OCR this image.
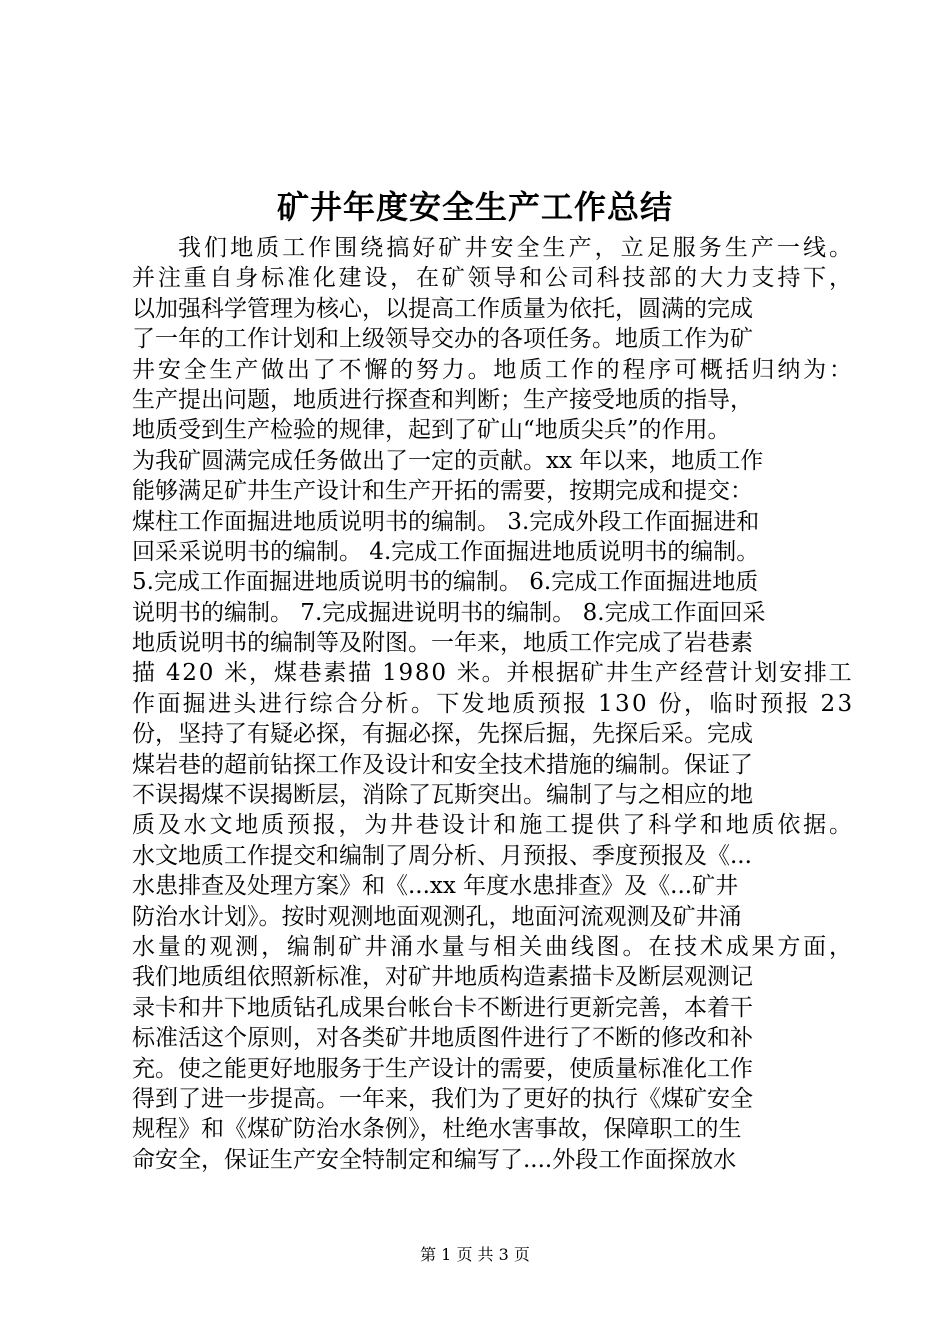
矿井年度安全生产工作总结
我们地质工作围绕搞好矿井安全生产，立足服务生产一线。
并注重自身标准化建设，在矿领导和公司科技部的大力支持下，
以加强科学管理为核心，以提高工作质量为依托，圆满的完成
了一年的工作计划和上级领导交办的各项任务。地质工作为矿
井安全生产做出了不懈的努力。地质工作的程序可概括归纳为：
生产提出问题，地质进行探查和判断；生产接受地质的指导，
地质受到生产检验的规律，起到了矿山“地质尖兵”的作用。
为我矿圆满完成任务做出了一定的贡献。xx 年以来，地质工作
能够满足矿井生产设计和生产开拓的需要，按期完成和提交：
煤柱工作面掘进地质说明书的编制。 3.完成外段工作面掘进和
回采采说明书的编制。 4.完成工作面掘进地质说明书的编制。
5.完成工作面掘进地质说明书的编制。 6.完成工作面掘进地质
说明书的编制。 7.完成掘进说明书的编制。 8.完成工作面回采
地质说明书的编制等及附图。一年来，地质工作完成了岩巷素
描 420 米，煤巷素描 1980 米。并根据矿井生产经营计划安排工
作面掘进头进行综合分析。下发地质预报 130 份，临时预报 23
份，坚持了有疑必探，有掘必探，先探后掘，先探后采。完成
煤岩巷的超前钻探工作及设计和安全技术措施的编制。保证了
不误揭煤不误揭断层，消除了瓦斯突出。编制了与之相应的地
质及水文地质预报，为井巷设计和施工提供了科学和地质依据。
水文地质工作提交和编制了周分析、月预报、季度预报及《...
水患排查及处理方案》和《...xx 年度水患排查》及《...矿井
防治水计划》。按时观测地面观测孔，地面河流观测及矿井涌
水量的观测，编制矿井涌水量与相关曲线图。在技术成果方面，
我们地质组依照新标准，对矿井地质构造素描卡及断层观测记
录卡和井下地质钻孔成果台帐台卡不断进行更新完善，本着干
标准活这个原则，对各类矿井地质图件进行了不断的修改和补
充。使之能更好地服务于生产设计的需要，使质量标准化工作
得到了进一步提高。一年来，我们为了更好的执行《煤矿安全
规程》和《煤矿防治水条例》，杜绝水害事故，保障职工的生
命安全，保证生产安全特制定和编写了....外段工作面探放水
第 1 页 共 3 页
